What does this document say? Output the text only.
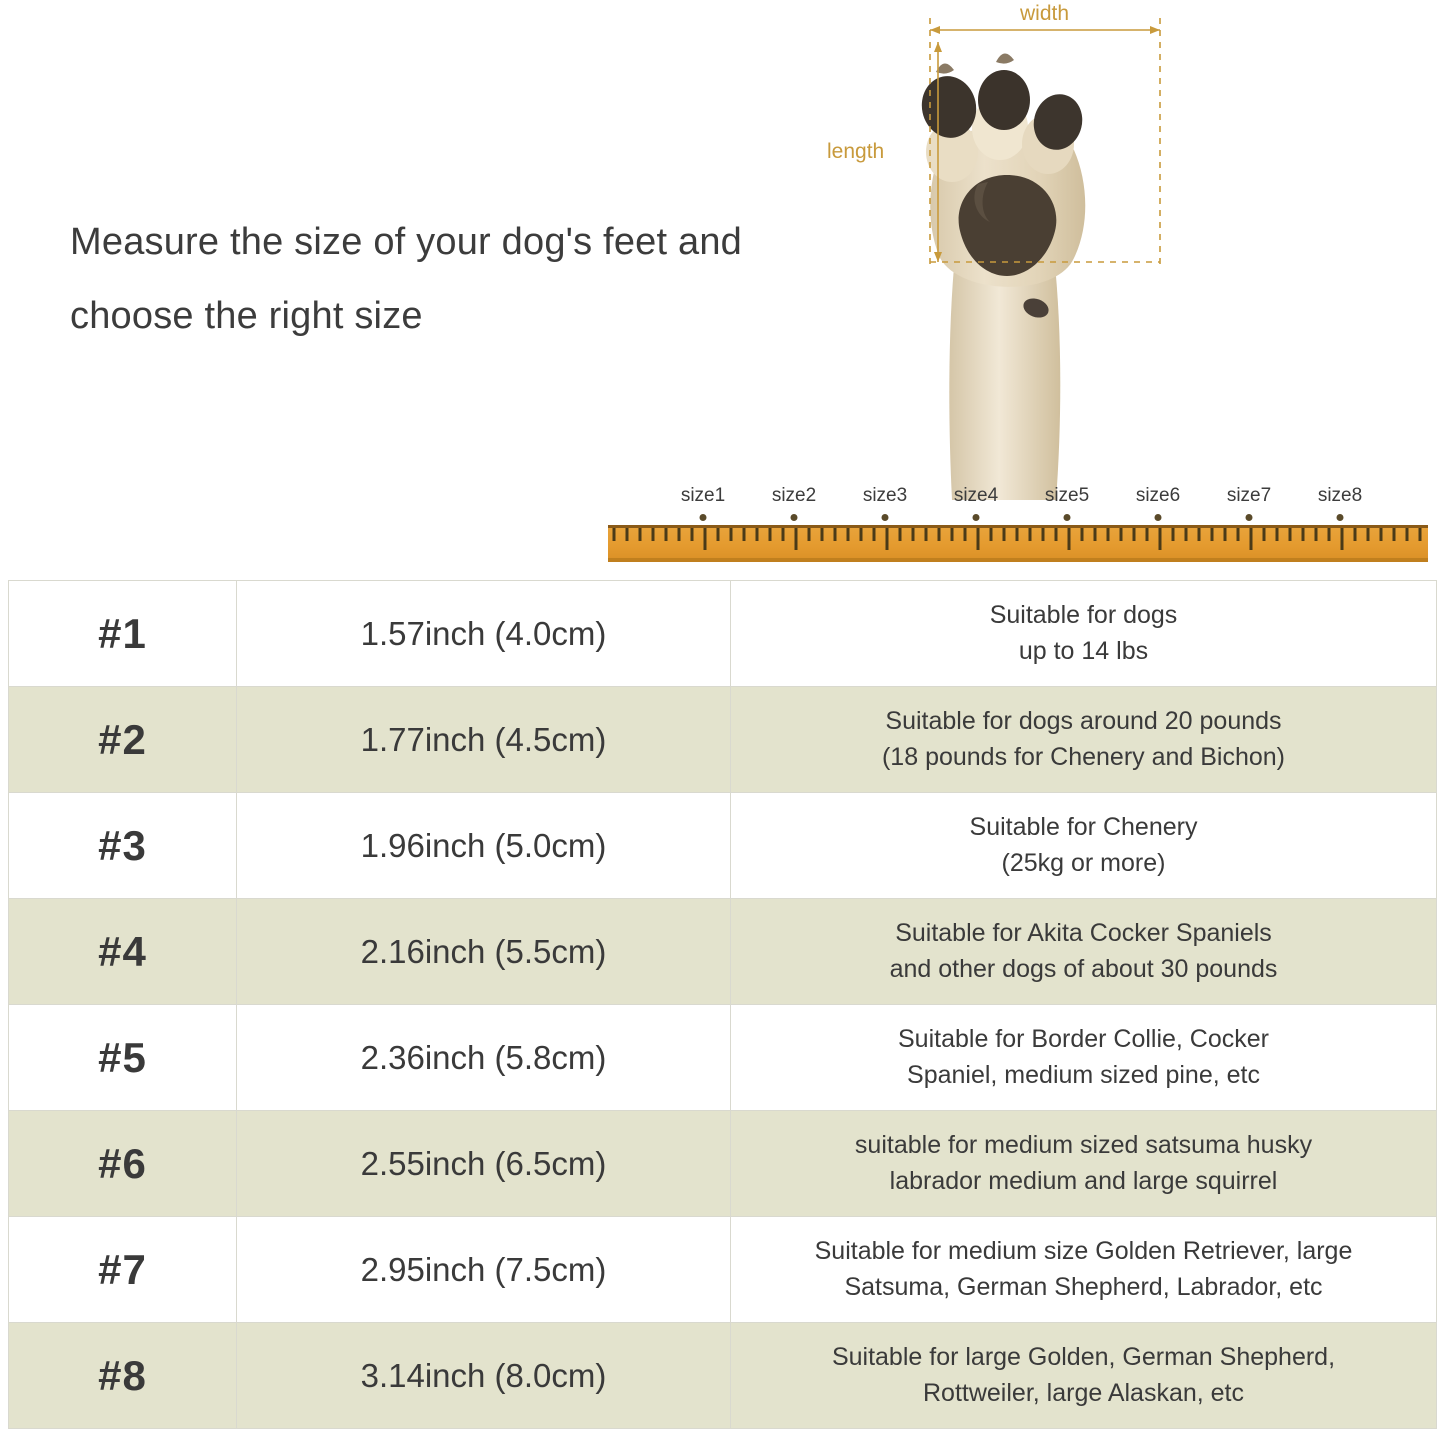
Measure the size of your dog's feet and choose the right size
width
length
size1 size2 size3 size4 size5 size6 size7 size8
#1	1.57inch (4.0cm)	Suitable for dogs
up to 14 lbs
#2	1.77inch (4.5cm)	Suitable for dogs around 20 pounds
(18 pounds for Chenery and Bichon)
#3	1.96inch (5.0cm)	Suitable for Chenery
(25kg or more)
#4	2.16inch (5.5cm)	Suitable for Akita Cocker Spaniels
and other dogs of about 30 pounds
#5	2.36inch (5.8cm)	Suitable for Border Collie, Cocker
Spaniel, medium sized pine, etc
#6	2.55inch (6.5cm)	suitable for medium sized satsuma husky
labrador medium and large squirrel
#7	2.95inch (7.5cm)	Suitable for medium size Golden Retriever, large
Satsuma, German Shepherd, Labrador, etc
#8	3.14inch (8.0cm)	Suitable for large Golden, German Shepherd,
Rottweiler, large Alaskan, etc
